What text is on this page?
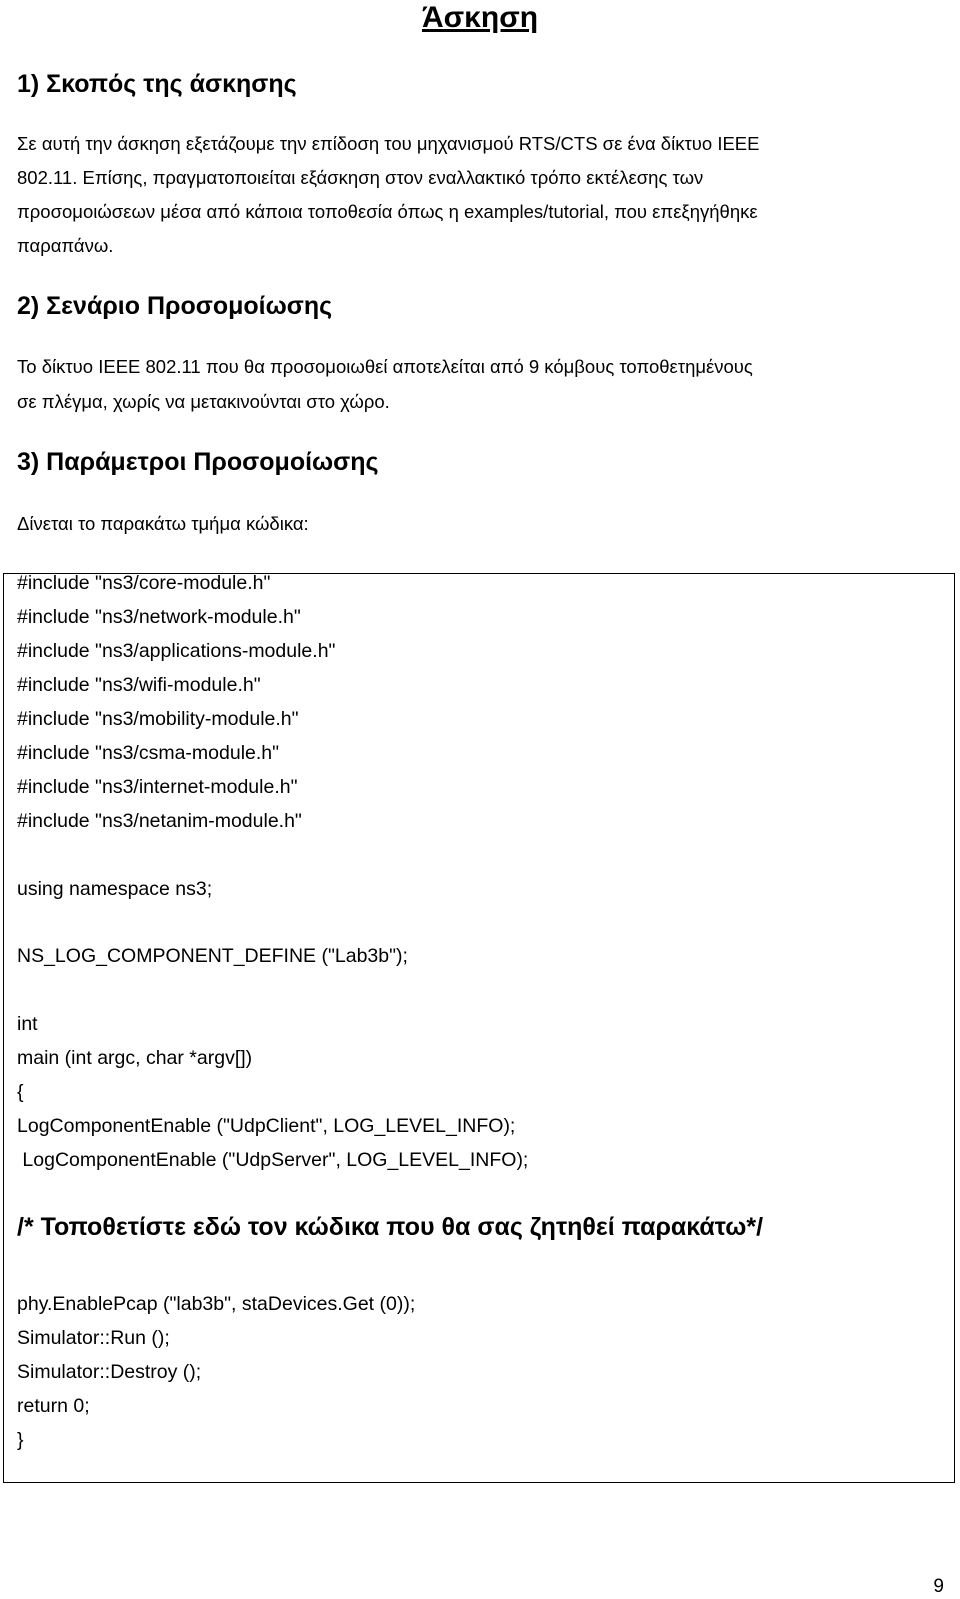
Άσκηση
1) Σκοπός της άσκησης

Σε αυτή την άσκηση εξετάζουμε την επίδοση του μηχανισμού RTS/CTS σε ένα δίκτυο IEEE

802.11. Επίσης, πραγματοποιείται εξάσκηση στον εναλλακτικό τρόπο εκτέλεσης των

προσομοιώσεων μέσα από κάποια τοποθεσία όπως η examples/tutorial, που επεξηγήθηκε

παραπάνω.

2) Σενάριο Προσομοίωσης

Το δίκτυο IEEE 802.11 που θα προσομοιωθεί αποτελείται από 9 κόμβους τοποθετημένους

σε πλέγμα, χωρίς να μετακινούνται στο χώρο.

3) Παράμετροι Προσομοίωσης

Δίνεται το παρακάτω τμήμα κώδικα:

#include "ns3/core-module.h"
#include "ns3/network-module.h"
#include "ns3/applications-module.h"
#include "ns3/wifi-module.h"
#include "ns3/mobility-module.h"
#include "ns3/csma-module.h"
#include "ns3/internet-module.h"
#include "ns3/netanim-module.h"
using namespace ns3;
NS_LOG_COMPONENT_DEFINE ("Lab3b");
int
main (int argc, char *argv[])
{
LogComponentEnable ("UdpClient", LOG_LEVEL_INFO);
LogComponentEnable ("UdpServer", LOG_LEVEL_INFO);
/* Τοποθετίστε εδώ τον κώδικα που θα σας ζητηθεί παρακάτω*/
phy.EnablePcap ("lab3b", staDevices.Get (0));
Simulator::Run ();
Simulator::Destroy ();
return 0;
}
9
